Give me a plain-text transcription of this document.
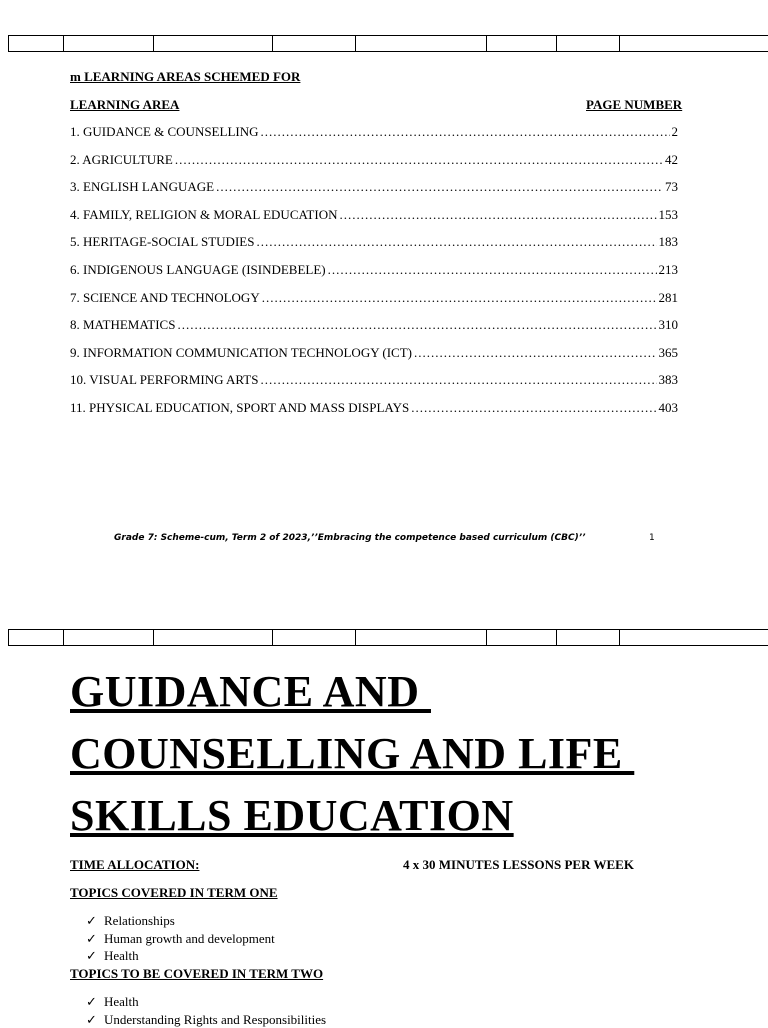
m LEARNING AREAS SCHEMED FOR
LEARNING AREA	PAGE NUMBER
1. GUIDANCE & COUNSELLING .....	2
2. AGRICULTURE .....	42
3. ENGLISH LANGUAGE .....	73
4. FAMILY, RELIGION & MORAL EDUCATION .....	153
5. HERITAGE-SOCIAL STUDIES .....	183
6. INDIGENOUS LANGUAGE (ISINDEBELE) .....	213
7. SCIENCE AND TECHNOLOGY .....	281
8. MATHEMATICS .....	310
9. INFORMATION COMMUNICATION TECHNOLOGY (ICT) .....	365
10. VISUAL PERFORMING ARTS .....	383
11. PHYSICAL EDUCATION, SPORT AND MASS DISPLAYS .....	403
Grade 7: Scheme-cum, Term 2 of 2023,’’Embracing the competence based curriculum (CBC)’’	1

GUIDANCE AND
COUNSELLING AND LIFE
SKILLS EDUCATION
TIME ALLOCATION:	4 x 30 MINUTES LESSONS PER WEEK
TOPICS COVERED IN TERM ONE
✓ Relationships
✓ Human growth and development
✓ Health
TOPICS TO BE COVERED IN TERM TWO
✓ Health
✓ Understanding Rights and Responsibilities
